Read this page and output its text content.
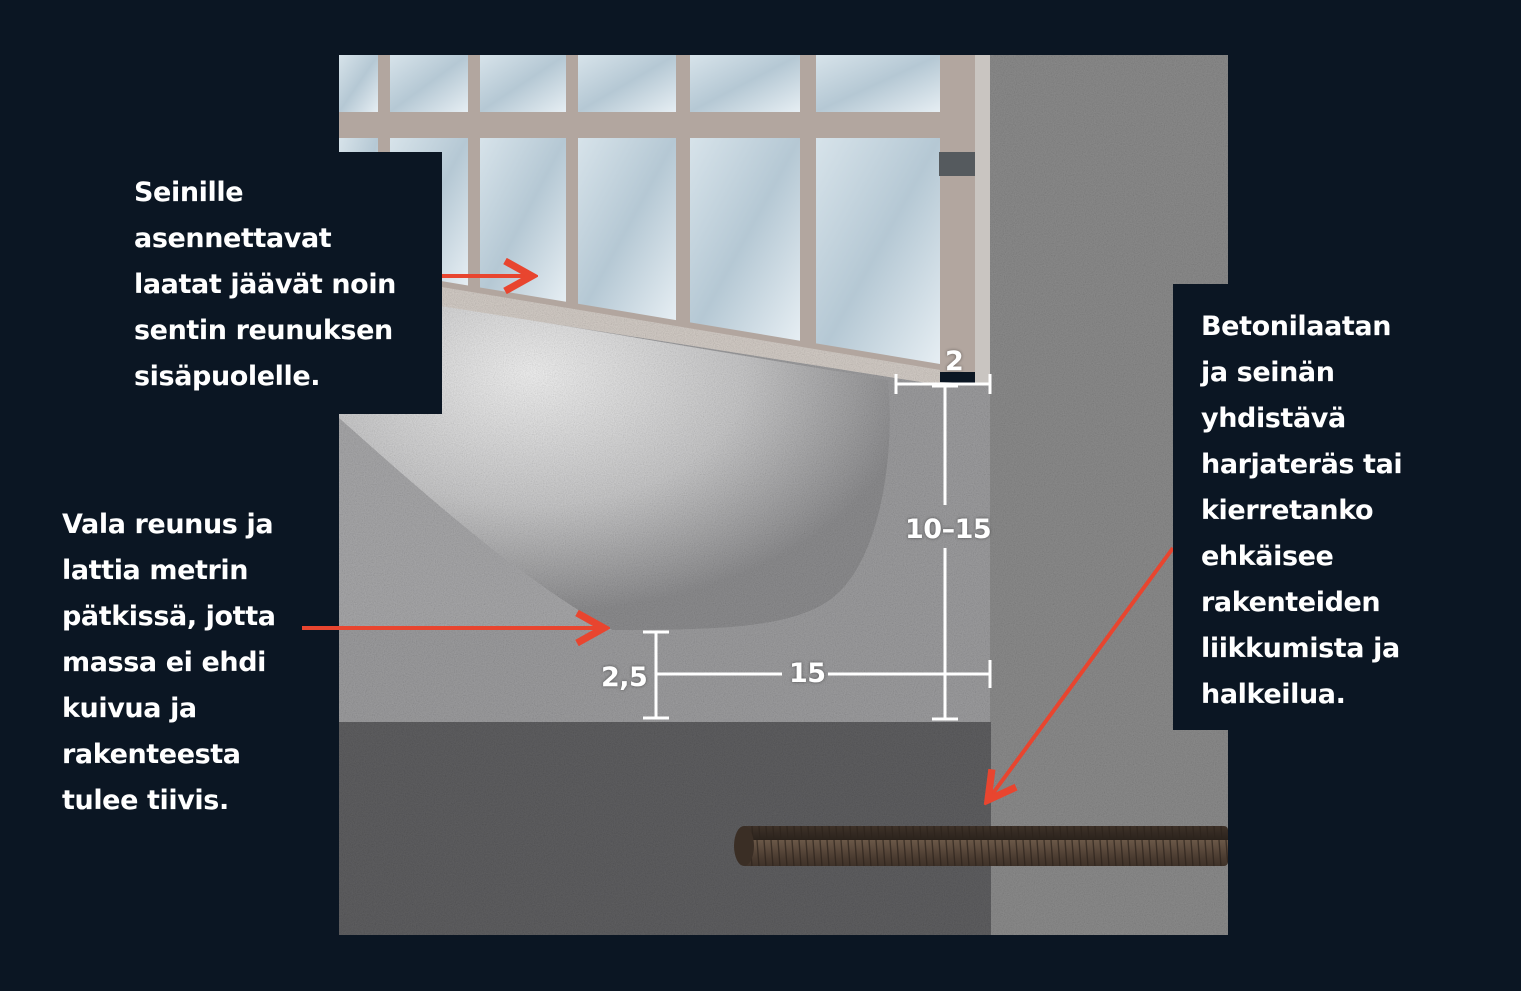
Seinille
asennettavat
laatat jäävät noin
sentin reunuksen
sisäpuolelle.
Betonilaatan
ja seinän
yhdistävä
harjateräs tai
kierretanko
ehkäisee
rakenteiden
liikkumista ja
halkeilua.
Vala reunus ja
lattia metrin
pätkissä, jotta
massa ei ehdi
kuivua ja
rakenteesta
tulee tiivis.
2
10–15
2,5	15
